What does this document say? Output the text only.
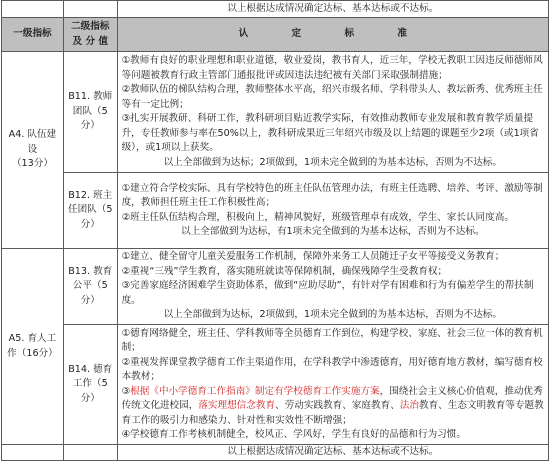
		以上根据达成情况确定达标、基本达标或不达标。
一级指标	二级指标
及 分 值	认 定 标 准
A4. 队伍建设
（13分）	B11. 教师团队（5分）	①教师有良好的职业理想和职业道德，敬业爱岗，教书育人，近三年，学校无教职工因违反师德师风等问题被教育行政主管部门通报批评或因违法违纪被有关部门采取强制措施；
②教师队伍的梯队结构合理，教师整体水平高，绍兴市级名师、学科带头人、教坛新秀、优秀班主任等有一定比例；
③扎实开展教研、科研工作，教科研项目贴近教学实际，有效推动教师专业发展和教育教学质量提升，专任教师参与率在50%以上，教科研成果近三年绍兴市级及以上结题的课题至少2项（或1项省级），或1项以上获奖。
以上全部做到为达标；2项做到，1项未完全做到的为基本达标，否则为不达标。

	B12. 班主任团队（5分）	①建立符合学校实际、具有学校特色的班主任队伍管理办法，有班主任选聘、培养、考评、激励等制度，教师担任班主任工作积极性高；
②班主任队伍结构合理，积极向上，精神风貌好，班级管理卓有成效，学生、家长认同度高。
以上全部做到为达标，有1项未完全做到的为基本达标，否则为不达标。

A5. 育人工作（16分）	B13. 教育公平（5分）	①建立、健全留守儿童关爱服务工作机制，保障外来务工人员随迁子女平等接受义务教育；
②重视“三残”学生教育，落实随班就读等保障机制，确保残障学生受教育权；
③完善家庭经济困难学生资助体系，做到“应助尽助”，有针对学有困难和行为有偏差学生的帮扶制度。
以上全部做到为达标，2项做到，1项未完全做到的为基本达标，否则为不达标。

	B14. 德育工作（5分）	①德育网络健全，班主任、学科教师等全员德育工作到位，构建学校、家庭、社会三位一体的教育机制；
②重视发挥课堂教学德育工作主渠道作用，在学科教学中渗透德育，用好德育地方教材，编写德育校本教材；
③根据《中小学德育工作指南》制定有学校德育工作实施方案，围绕社会主义核心价值观，推动优秀传统文化进校园，落实理想信念教育、劳动实践教育、家庭教育、法治教育、生态文明教育等专题教育工作的吸引力和感染力、针对性和实效性不断增强；
④学校德育工作考核机制健全，校风正、学风好，学生有良好的品德和行为习惯。

		以上根据达成情况确定达标、基本达标或不达标。
